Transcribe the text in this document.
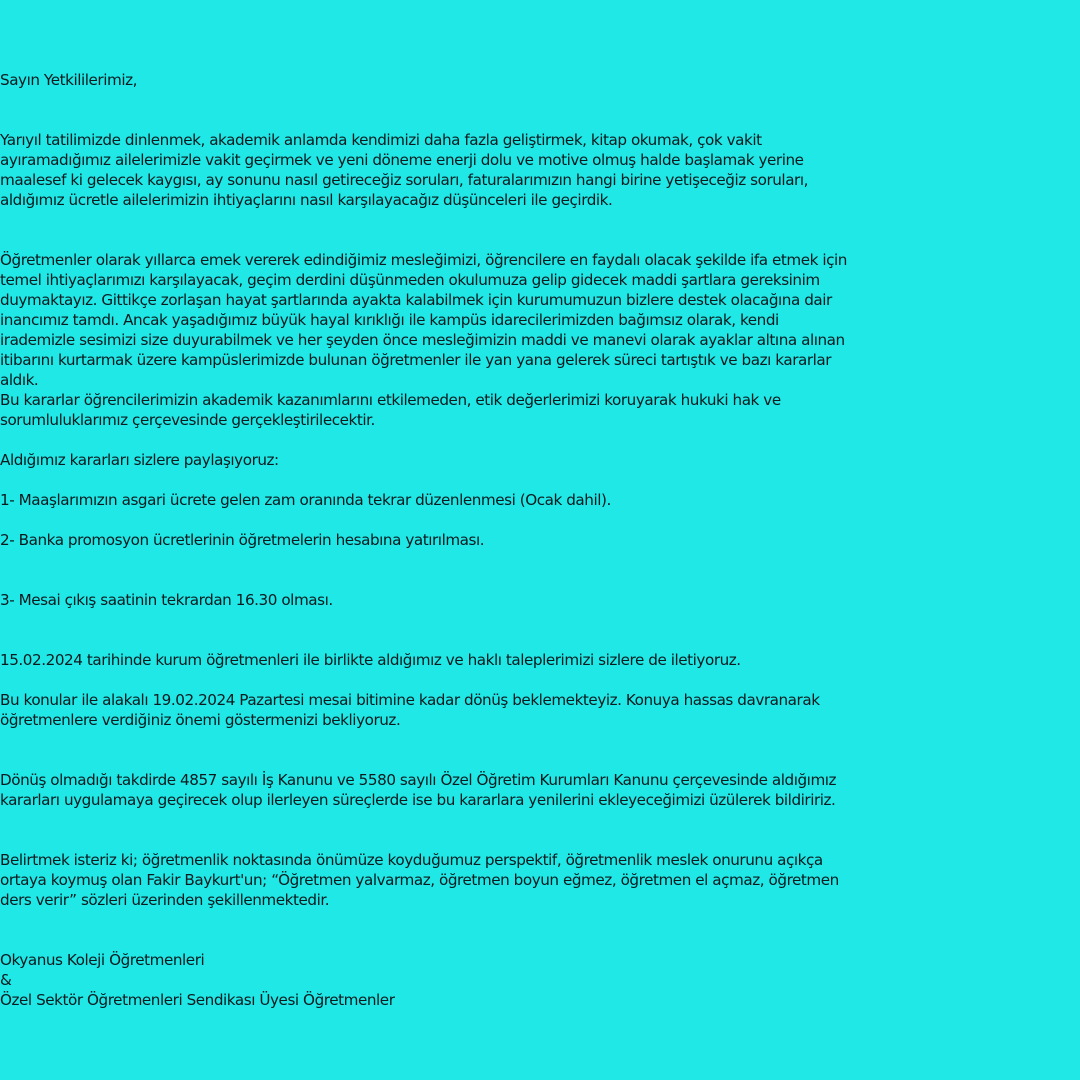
Sayın Yetkililerimiz,

Yarıyıl tatilimizde dinlenmek, akademik anlamda kendimizi daha fazla geliştirmek, kitap okumak, çok vakit

ayıramadığımız ailelerimizle vakit geçirmek ve yeni döneme enerji dolu ve motive olmuş halde başlamak yerine

maalesef ki gelecek kaygısı, ay sonunu nasıl getireceğiz soruları, faturalarımızın hangi birine yetişeceğiz soruları,

aldığımız ücretle ailelerimizin ihtiyaçlarını nasıl karşılayacağız düşünceleri ile geçirdik.

Öğretmenler olarak yıllarca emek vererek edindiğimiz mesleğimizi, öğrencilere en faydalı olacak şekilde ifa etmek için

temel ihtiyaçlarımızı karşılayacak, geçim derdini düşünmeden okulumuza gelip gidecek maddi şartlara gereksinim

duymaktayız. Gittikçe zorlaşan hayat şartlarında ayakta kalabilmek için kurumumuzun bizlere destek olacağına dair

inancımız tamdı. Ancak yaşadığımız büyük hayal kırıklığı ile kampüs idarecilerimizden bağımsız olarak, kendi

irademizle sesimizi size duyurabilmek ve her şeyden önce mesleğimizin maddi ve manevi olarak ayaklar altına alınan

itibarını kurtarmak üzere kampüslerimizde bulunan öğretmenler ile yan yana gelerek süreci tartıştık ve bazı kararlar

aldık.

Bu kararlar öğrencilerimizin akademik kazanımlarını etkilemeden, etik değerlerimizi koruyarak hukuki hak ve

sorumluluklarımız çerçevesinde gerçekleştirilecektir.

Aldığımız kararları sizlere paylaşıyoruz:

1- Maaşlarımızın asgari ücrete gelen zam oranında tekrar düzenlenmesi (Ocak dahil).

2- Banka promosyon ücretlerinin öğretmelerin hesabına yatırılması.

3- Mesai çıkış saatinin tekrardan 16.30 olması.

15.02.2024 tarihinde kurum öğretmenleri ile birlikte aldığımız ve haklı taleplerimizi sizlere de iletiyoruz.

Bu konular ile alakalı 19.02.2024 Pazartesi mesai bitimine kadar dönüş beklemekteyiz. Konuya hassas davranarak

öğretmenlere verdiğiniz önemi göstermenizi bekliyoruz.

Dönüş olmadığı takdirde 4857 sayılı İş Kanunu ve 5580 sayılı Özel Öğretim Kurumları Kanunu çerçevesinde aldığımız

kararları uygulamaya geçirecek olup ilerleyen süreçlerde ise bu kararlara yenilerini ekleyeceğimizi üzülerek bildiririz.

Belirtmek isteriz ki; öğretmenlik noktasında önümüze koyduğumuz perspektif, öğretmenlik meslek onurunu açıkça

ortaya koymuş olan Fakir Baykurt'un; “Öğretmen yalvarmaz, öğretmen boyun eğmez, öğretmen el açmaz, öğretmen

ders verir” sözleri üzerinden şekillenmektedir.

Okyanus Koleji Öğretmenleri

&

Özel Sektör Öğretmenleri Sendikası Üyesi Öğretmenler
